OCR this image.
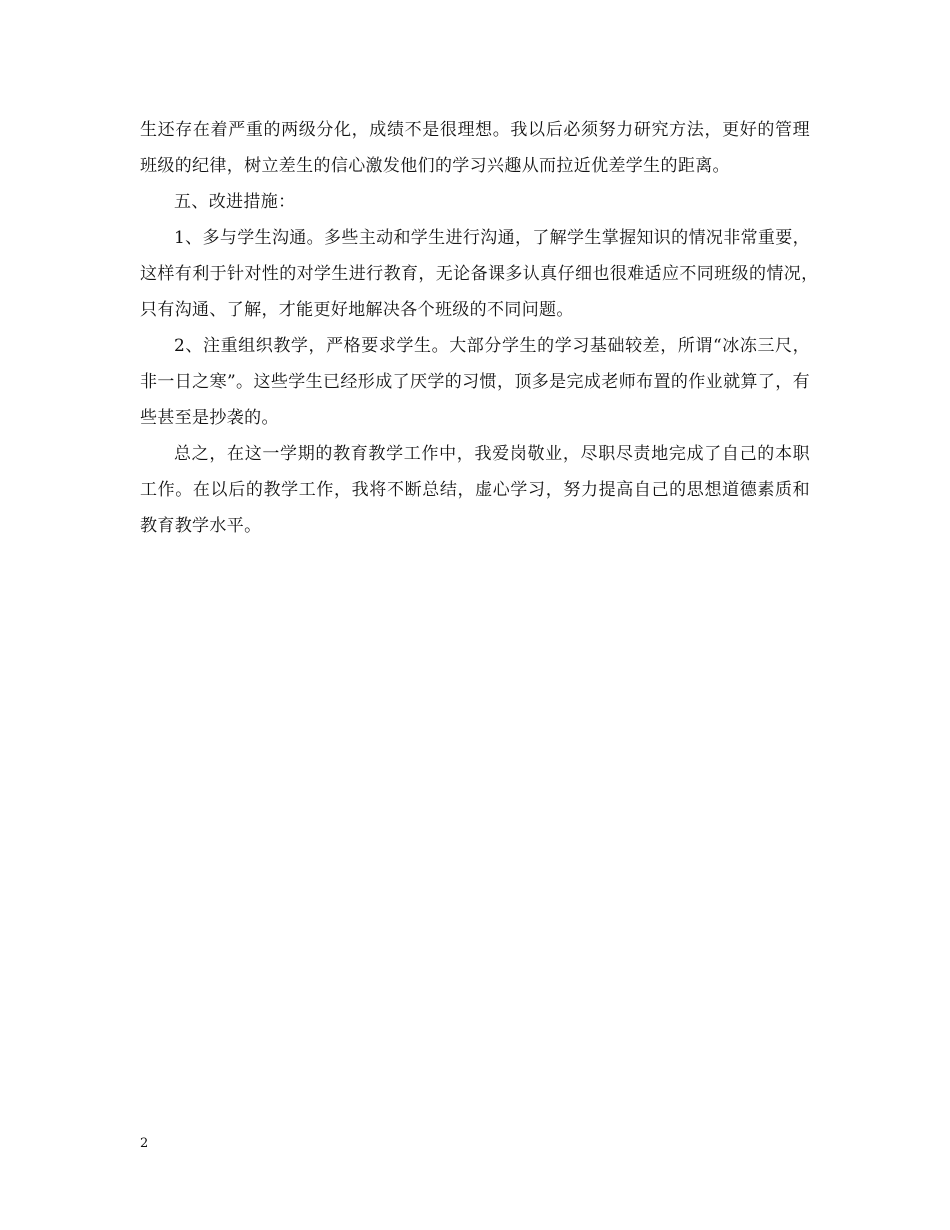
生还存在着严重的两级分化，成绩不是很理想。我以后必须努力研究方法，更好的管理班级的纪律，树立差生的信心激发他们的学习兴趣从而拉近优差学生的距离。

五、改进措施：

1、多与学生沟通。多些主动和学生进行沟通，了解学生掌握知识的情况非常重要，这样有利于针对性的对学生进行教育，无论备课多认真仔细也很难适应不同班级的情况，　只有沟通、了解，才能更好地解决各个班级的不同问题。

2、注重组织教学，严格要求学生。大部分学生的学习基础较差，所谓“冰冻三尺，非一日之寒”。这些学生已经形成了厌学的习惯，顶多是完成老师布置的作业就算了，有些甚至是抄袭的。

总之，在这一学期的教育教学工作中，我爱岗敬业，尽职尽责地完成了自己的本职工作。在以后的教学工作，我将不断总结，虚心学习，努力提高自己的思想道德素质和教育教学水平。

2
